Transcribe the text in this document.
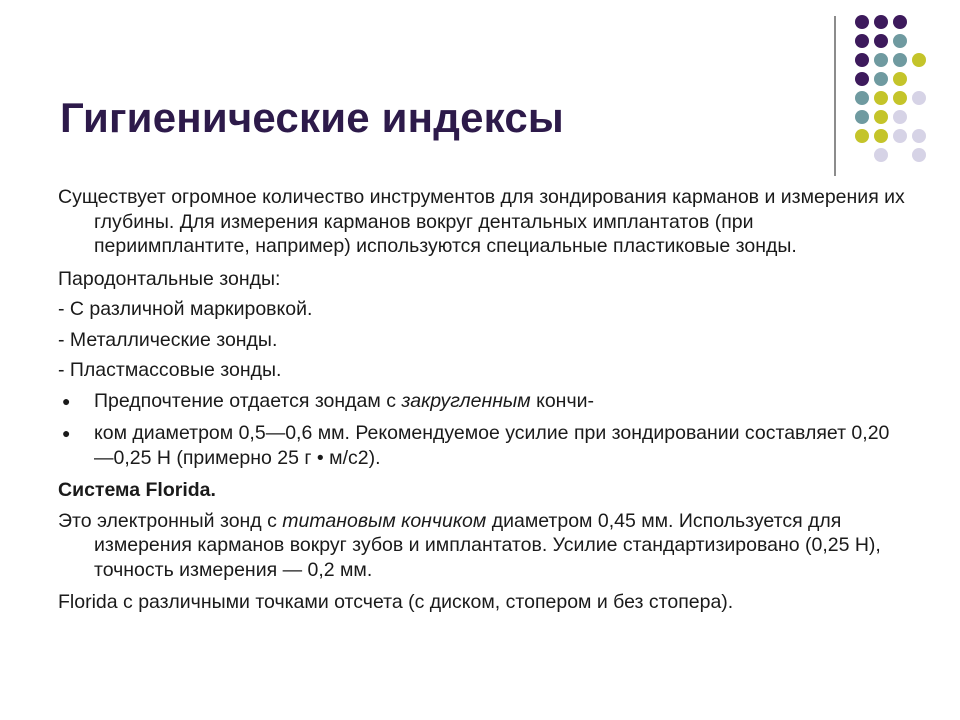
Гигиенические индексы

Существует огромное количество инструментов для зондирования карманов и измерения их глубины. Для измерения карманов вокруг дентальных имплантатов (при периимплантите, например) используются специальные пластиковые зонды.

Пародонтальные зонды:

- С различной маркировкой.

- Металлические зонды.

- Пластмассовые зонды.

● Предпочтение отдается зондам с закругленным кончи-
● ком диаметром 0,5—0,6 мм. Рекомендуемое усилие при зондировании составляет 0,20—0,25 Н (примерно 25 г • м/с2).

Система Florida.

Это электронный зонд с титановым кончиком диаметром 0,45 мм. Используется для измерения карманов вокруг зубов и имплантатов. Усилие стандартизировано (0,25 Н), точность измерения — 0,2 мм.

Florida с различными точками отсчета (с диском, стопером и без стопера).
